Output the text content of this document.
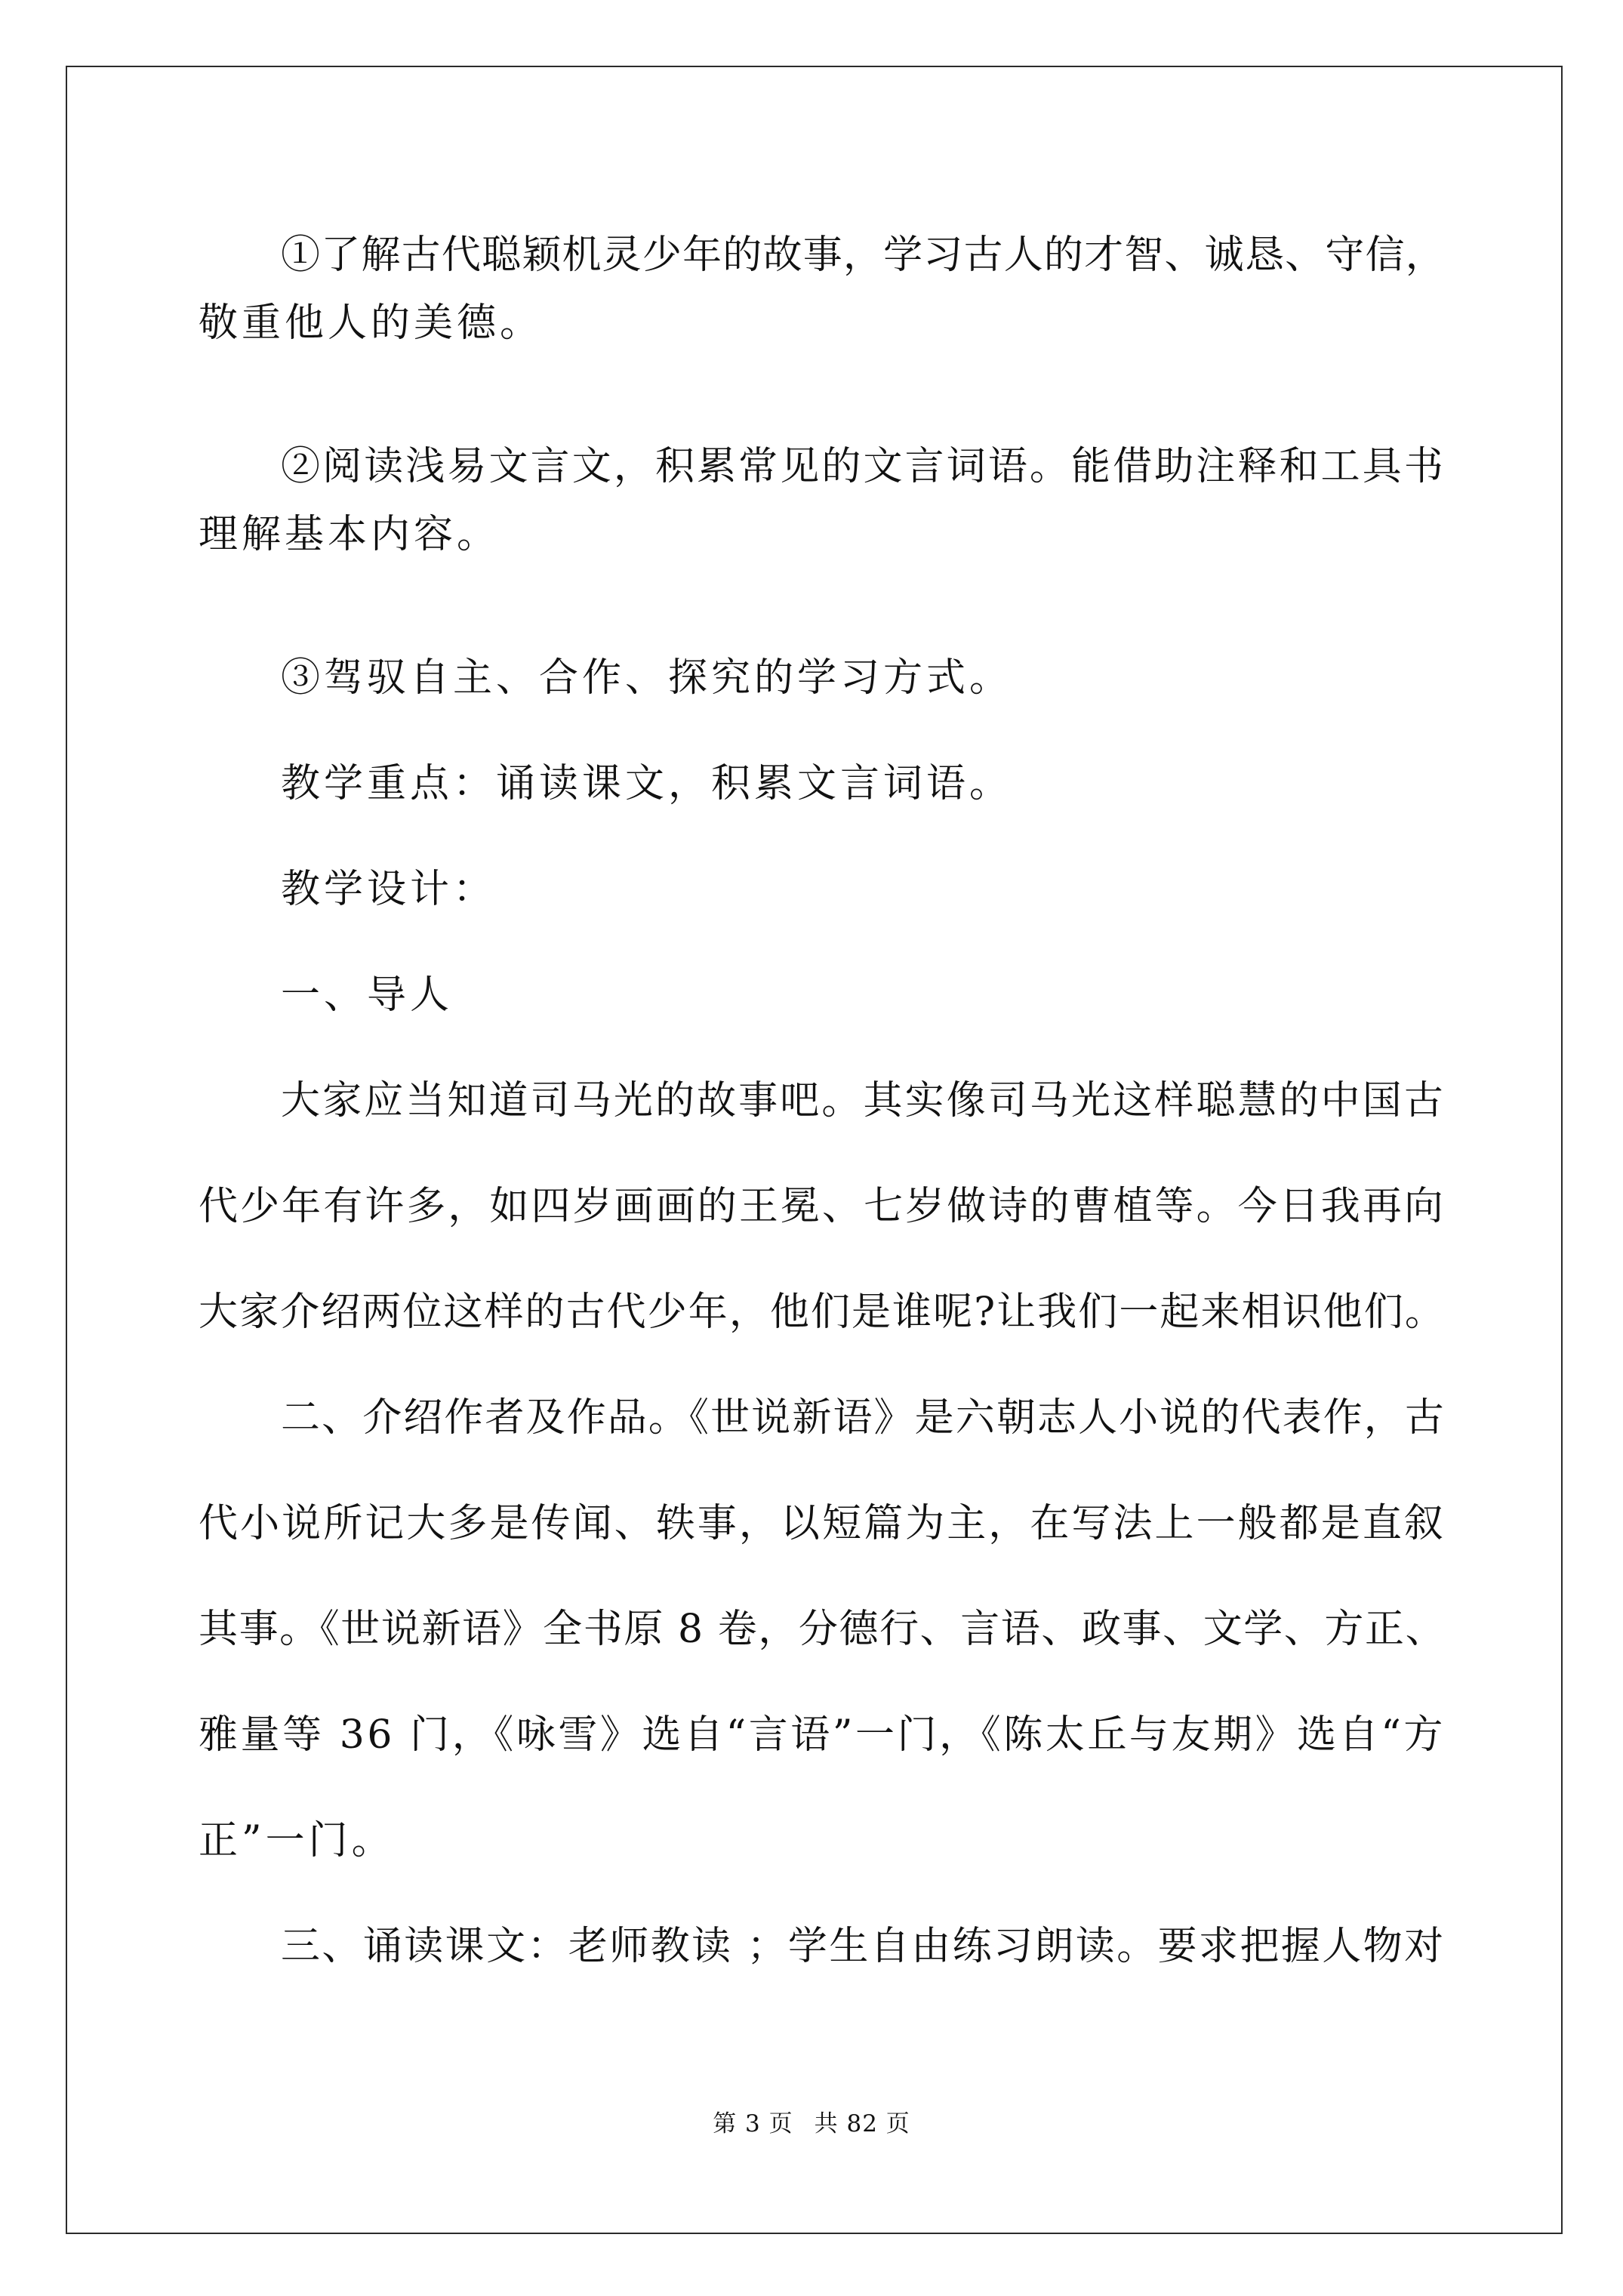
①了解古代聪颖机灵少年的故事，学习古人的才智、诚恳、守信，
敬重他人的美德。
②阅读浅易文言文，积累常见的文言词语。能借助注释和工具书
理解基本内容。
③驾驭自主、合作、探究的学习方式。
教学重点：诵读课文，积累文言词语。
教学设计：
一、导人
大家应当知道司马光的故事吧。其实像司马光这样聪慧的中国古
代少年有许多，如四岁画画的王冕、七岁做诗的曹植等。今日我再向
大家介绍两位这样的古代少年，他们是谁呢?让我们一起来相识他们。
二、介绍作者及作品。《世说新语》是六朝志人小说的代表作，古
代小说所记大多是传闻、轶事，以短篇为主，在写法上一般都是直叙
其事。《世说新语》全书原 8 卷，分德行、言语、政事、文学、方正、
雅量等 36 门，《咏雪》选自“言语”一门，《陈太丘与友期》选自“方
正”一门。
三、诵读课文：老师教读 ；学生自由练习朗读。要求把握人物对
第 3 页 共 82 页
